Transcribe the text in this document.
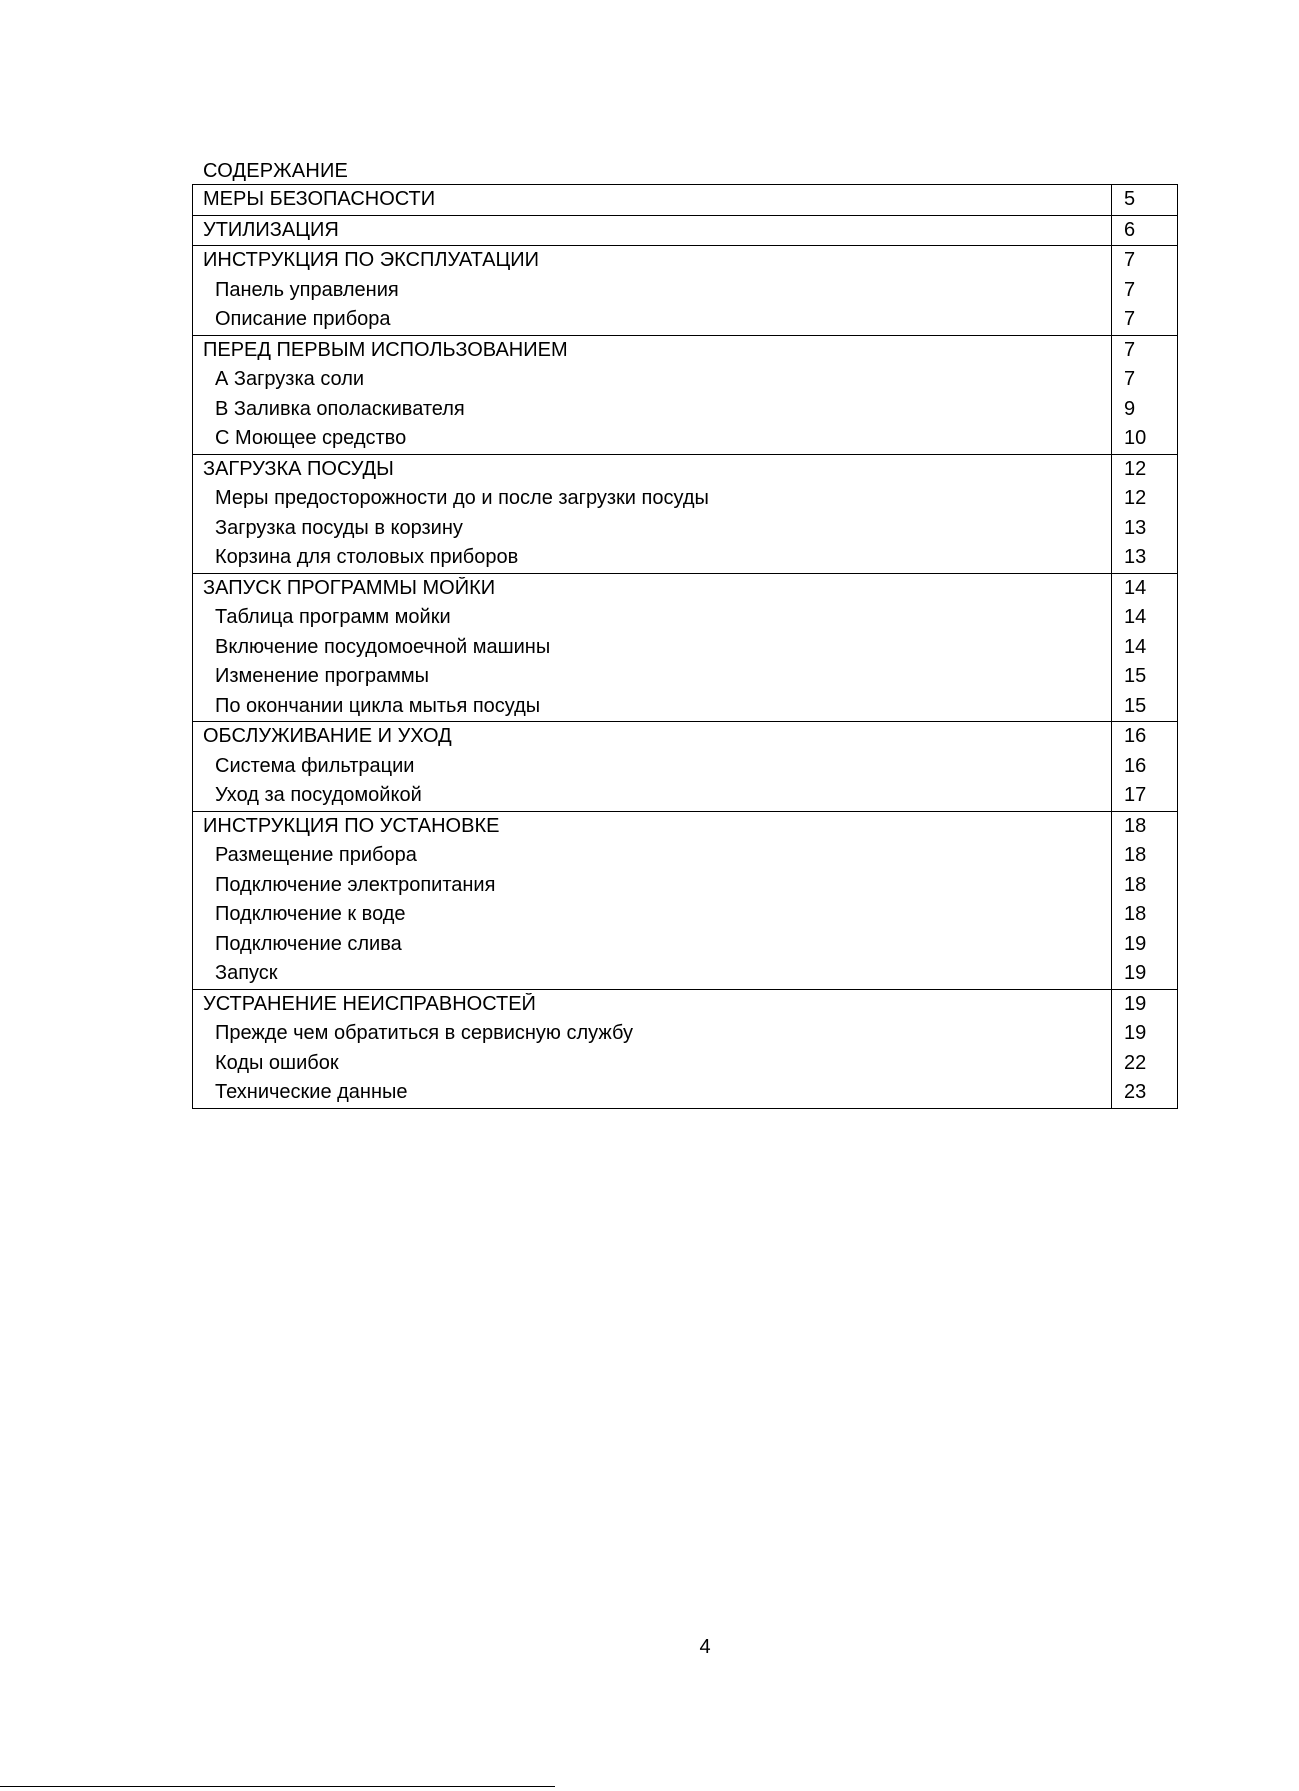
СОДЕРЖАНИЕ
МЕРЫ БЕЗОПАСНОСТИ	5
УТИЛИЗАЦИЯ	6
ИНСТРУКЦИЯ ПО ЭКСПЛУАТАЦИИ	7
Панель управления	7
Описание прибора	7
ПЕРЕД ПЕРВЫМ ИСПОЛЬЗОВАНИЕМ	7
А Загрузка соли	7
В Заливка ополаскивателя	9
С Моющее средство	10
ЗАГРУЗКА ПОСУДЫ	12
Меры предосторожности до и после загрузки посуды	12
Загрузка посуды в корзину	13
Корзина для столовых приборов	13
ЗАПУСК ПРОГРАММЫ МОЙКИ	14
Таблица программ мойки	14
Включение посудомоечной машины	14
Изменение программы	15
По окончании цикла мытья посуды	15
ОБСЛУЖИВАНИЕ И УХОД	16
Система фильтрации	16
Уход за посудомойкой	17
ИНСТРУКЦИЯ ПО УСТАНОВКЕ	18
Размещение прибора	18
Подключение электропитания	18
Подключение к воде	18
Подключение слива	19
Запуск	19
УСТРАНЕНИЕ НЕИСПРАВНОСТЕЙ	19
Прежде чем обратиться в сервисную службу	19
Коды ошибок	22
Технические данные	23
4
